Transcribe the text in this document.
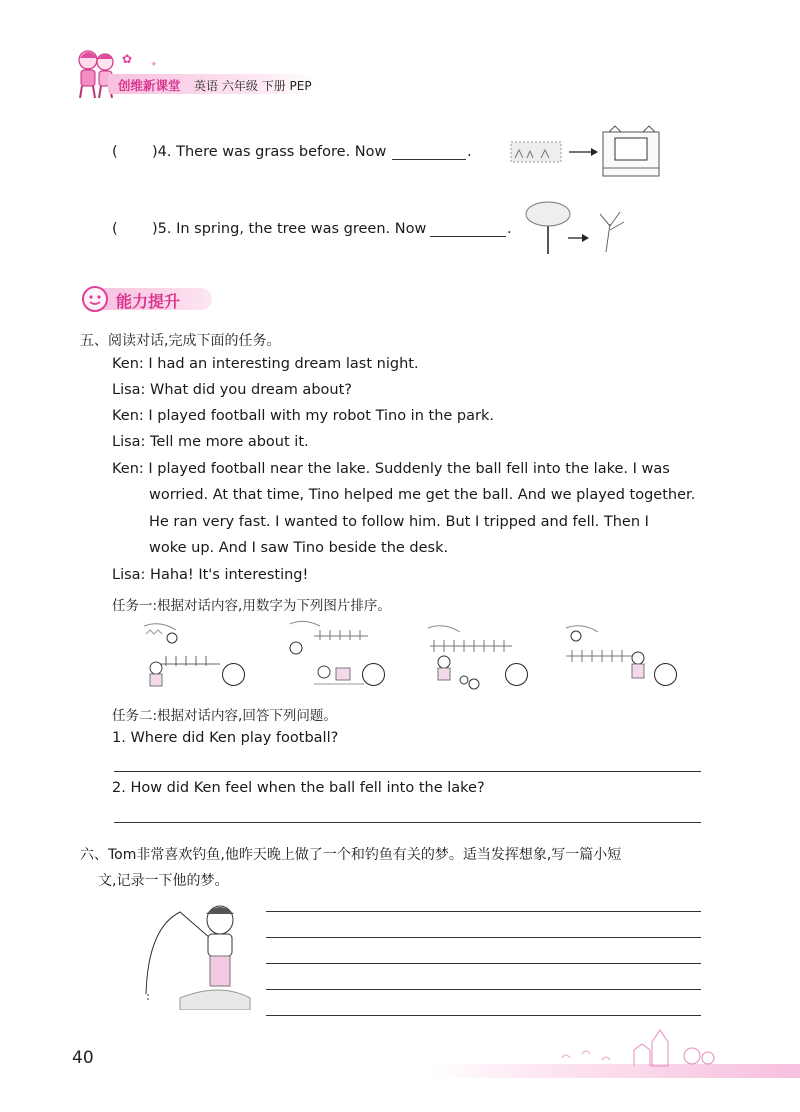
✿ ✦
创维新课堂 英语 六年级 下册 PEP
( )4. There was grass before. Now	.
( )5. In spring, the tree was green. Now	.
能力提升
五、阅读对话,完成下面的任务。
Ken: I had an interesting dream last night.
Lisa: What did you dream about?
Ken: I played football with my robot Tino in the park.
Lisa: Tell me more about it.
Ken: I played football near the lake. Suddenly the ball fell into the lake. I was
worried. At that time, Tino helped me get the ball. And we played together.
He ran very fast. I wanted to follow him. But I tripped and fell. Then I
woke up. And I saw Tino beside the desk.
Lisa: Haha! It's interesting!
任务一:根据对话内容,用数字为下列图片排序。
任务二:根据对话内容,回答下列问题。
1. Where did Ken play football?
2. How did Ken feel when the ball fell into the lake?
六、Tom非常喜欢钓鱼,他昨天晚上做了一个和钓鱼有关的梦。适当发挥想象,写一篇小短
文,记录一下他的梦。
40
